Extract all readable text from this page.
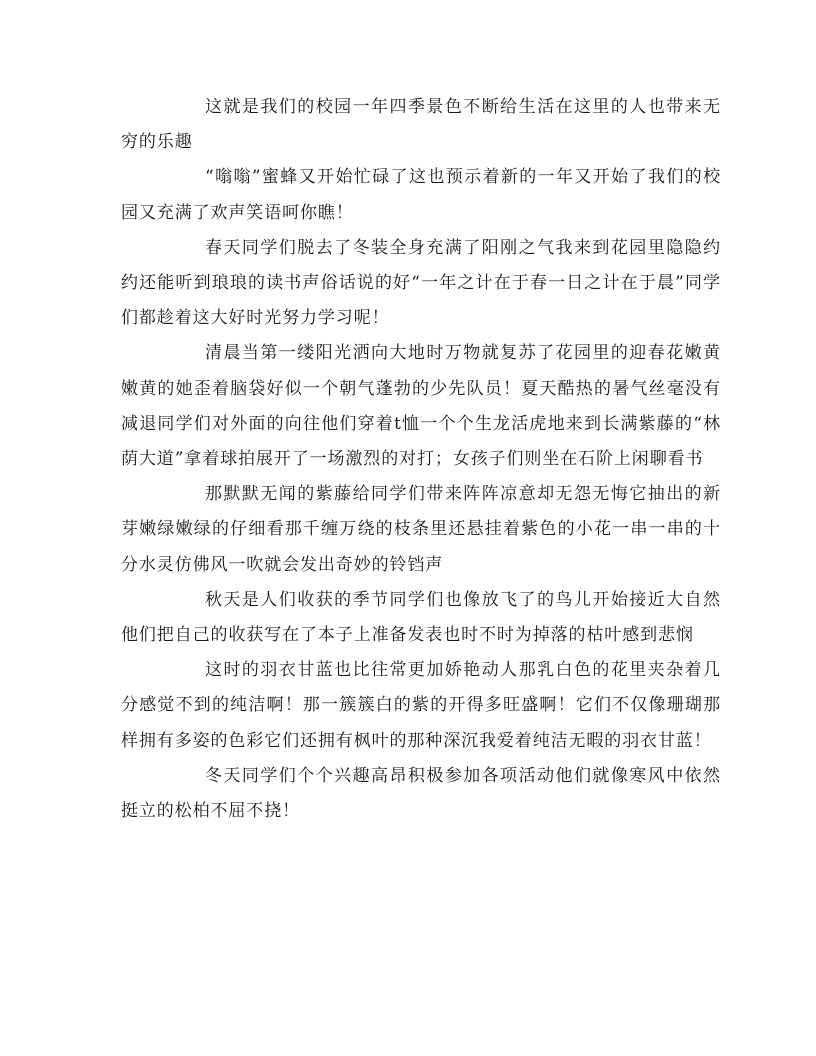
这就是我们的校园一年四季景色不断给生活在这里的人也带来无穷的乐趣

“嗡嗡”蜜蜂又开始忙碌了这也预示着新的一年又开始了我们的校园又充满了欢声笑语呵你瞧！

春天同学们脱去了冬装全身充满了阳刚之气我来到花园里隐隐约约还能听到琅琅的读书声俗话说的好“一年之计在于春一日之计在于晨”同学们都趁着这大好时光努力学习呢！

清晨当第一缕阳光洒向大地时万物就复苏了花园里的迎春花嫩黄嫩黄的她歪着脑袋好似一个朝气蓬勃的少先队员！夏天酷热的暑气丝毫没有减退同学们对外面的向往他们穿着t恤一个个生龙活虎地来到长满紫藤的“林荫大道”拿着球拍展开了一场激烈的对打；女孩子们则坐在石阶上闲聊看书

那默默无闻的紫藤给同学们带来阵阵凉意却无怨无悔它抽出的新芽嫩绿嫩绿的仔细看那千缠万绕的枝条里还悬挂着紫色的小花一串一串的十分水灵仿佛风一吹就会发出奇妙的铃铛声

秋天是人们收获的季节同学们也像放飞了的鸟儿开始接近大自然他们把自己的收获写在了本子上准备发表也时不时为掉落的枯叶感到悲悯

这时的羽衣甘蓝也比往常更加娇艳动人那乳白色的花里夹杂着几分感觉不到的纯洁啊！那一簇簇白的紫的开得多旺盛啊！它们不仅像珊瑚那样拥有多姿的色彩它们还拥有枫叶的那种深沉我爱着纯洁无暇的羽衣甘蓝！

冬天同学们个个兴趣高昂积极参加各项活动他们就像寒风中依然挺立的松柏不屈不挠！
